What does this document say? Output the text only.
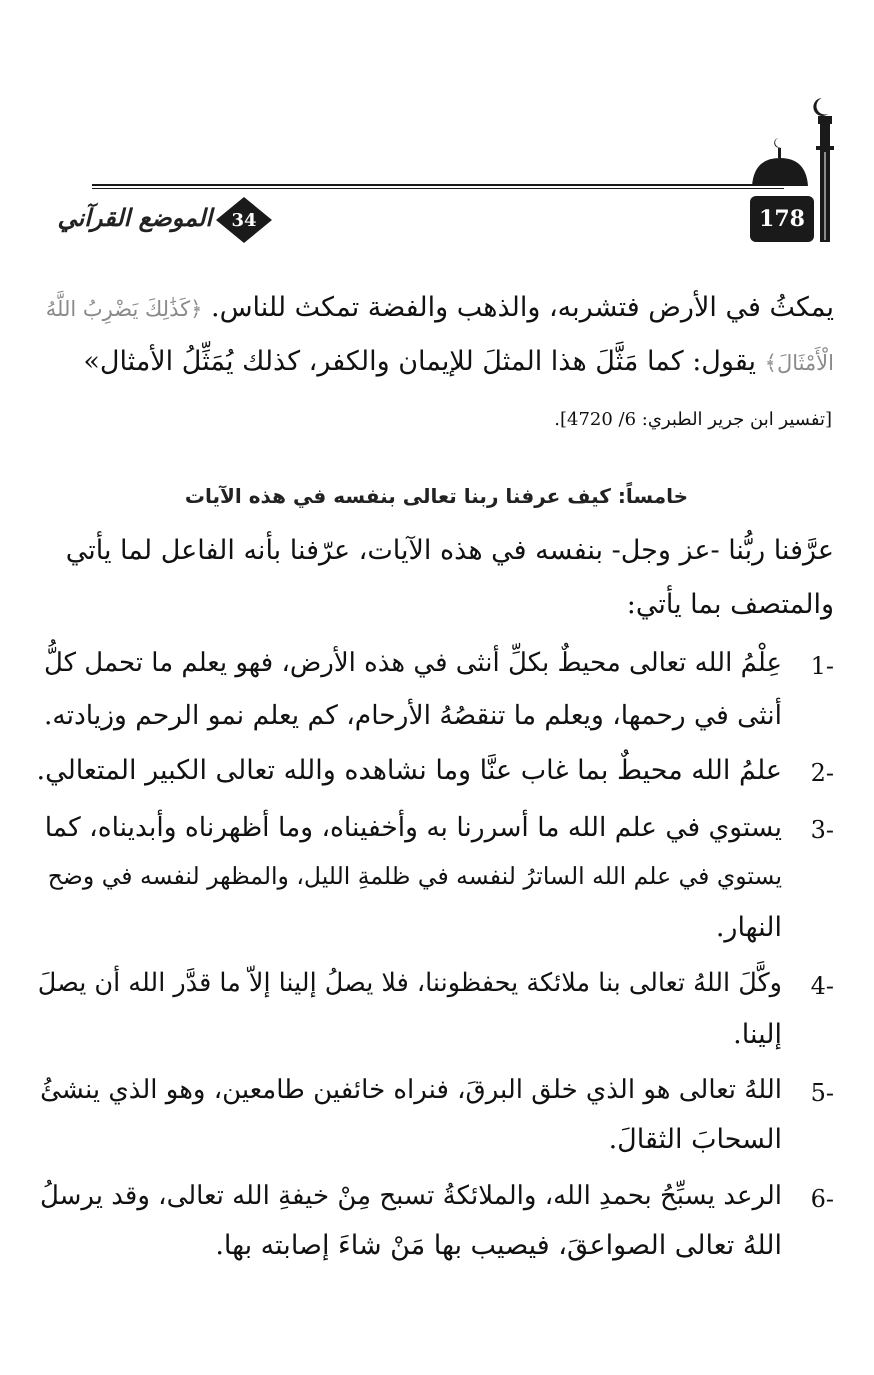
178
34
الموضع القرآني
يمكثُ في الأرض فتشربه، والذهب والفضة تمكث للناس. ﴿كَذَٰلِكَ يَضْرِبُ اللَّهُ
الْأَمْثَالَ﴾ يقول: كما مَثَّلَ هذا المثلَ للإيمان والكفر، كذلك يُمَثِّلُ الأمثال»
[تفسير ابن جرير الطبري: 6/ 4720].
خامساً: كيف عرفنا ربنا تعالى بنفسه في هذه الآيات
عرَّفنا ربُّنا -عز وجل- بنفسه في هذه الآيات، عرّفنا بأنه الفاعل لما يأتي
والمتصف بما يأتي:
1-
عِلْمُ الله تعالى محيطٌ بكلِّ أنثى في هذه الأرض، فهو يعلم ما تحمل كلُّ
أنثى في رحمها، ويعلم ما تنقصُهُ الأرحام، كم يعلم نمو الرحم وزيادته.
2-
علمُ الله محيطٌ بما غاب عنَّا وما نشاهده والله تعالى الكبير المتعالي.
3-
يستوي في علم الله ما أسررنا به وأخفيناه، وما أظهرناه وأبديناه، كما
يستوي في علم الله الساترُ لنفسه في ظلمةِ الليل، والمظهر لنفسه في وضح
النهار.
4-
وكَّلَ اللهُ تعالى بنا ملائكة يحفظوننا، فلا يصلُ إلينا إلاّ ما قدَّر الله أن يصلَ
إلينا.
5-
اللهُ تعالى هو الذي خلق البرقَ، فنراه خائفين طامعين، وهو الذي ينشئُ
السحابَ الثقالَ.
6-
الرعد يسبِّحُ بحمدِ الله، والملائكةُ تسبح مِنْ خيفةِ الله تعالى، وقد يرسلُ
اللهُ تعالى الصواعقَ، فيصيب بها مَنْ شاءَ إصابته بها.
